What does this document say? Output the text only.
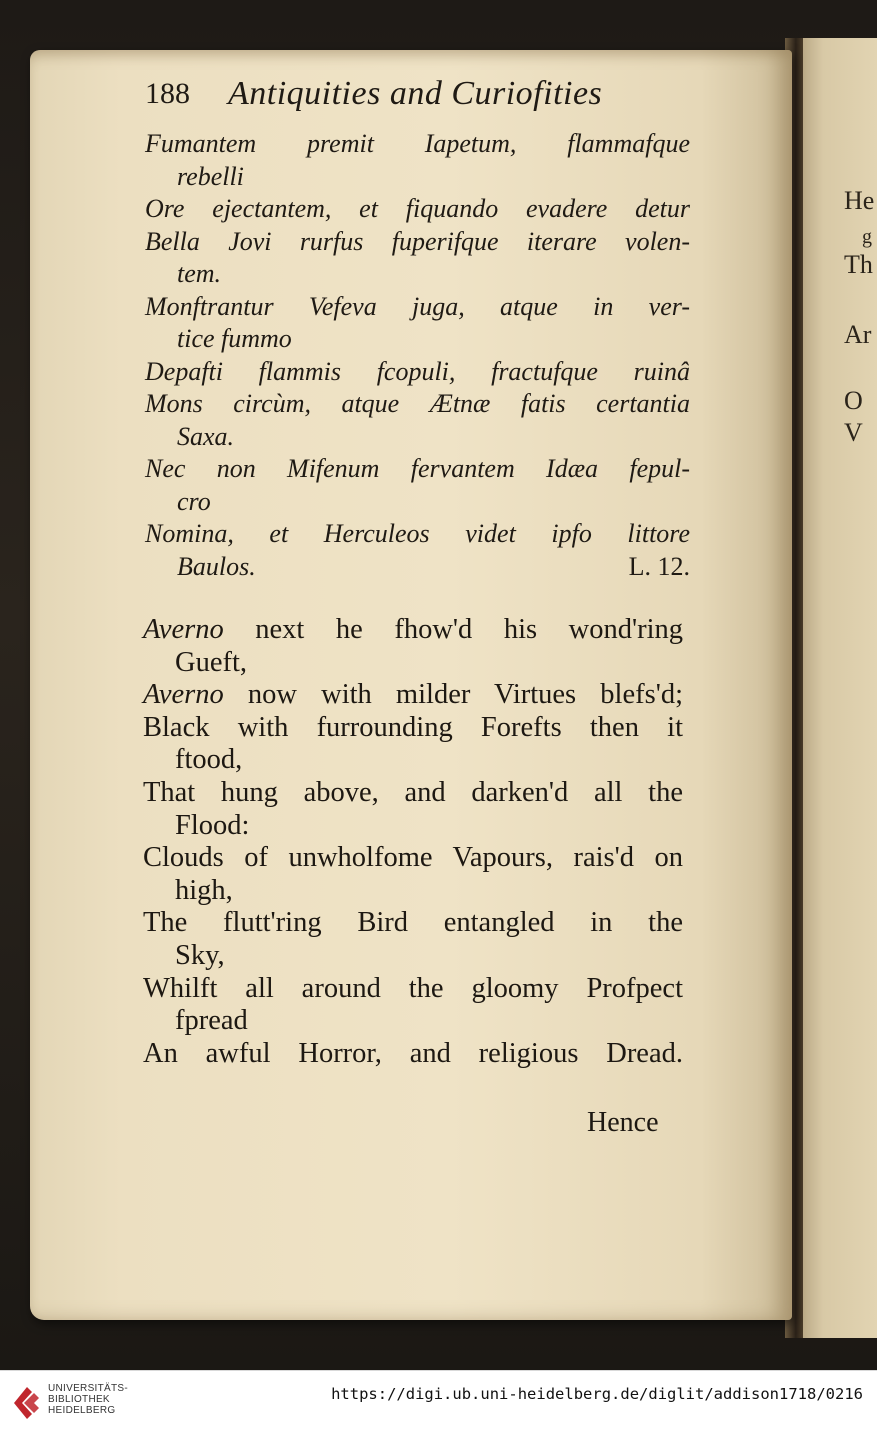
He
g
Th
Ar
O
V
188 Antiquities and Curiofities
Fumantem premit Iapetum, flammafque
rebelli
Ore ejectantem, et fiquando evadere detur
Bella Jovi rurfus fuperifque iterare volen-
tem.
Monftrantur Vefeva juga, atque in ver-
tice fummo
Depafti flammis fcopuli, fractufque ruinâ
Mons circùm, atque Ætnæ fatis certantia
Saxa.
Nec non Mifenum fervantem Idæa fepul-
cro
Nomina, et Herculeos videt ipfo littore
Baulos.	L. 12.
Averno next he fhow'd his wond'ring
Gueft,
Averno now with milder Virtues blefs'd;
Black with furrounding Forefts then it
ftood,
That hung above, and darken'd all the
Flood:
Clouds of unwholfome Vapours, rais'd on
high,
The flutt'ring Bird entangled in the
Sky,
Whilft all around the gloomy Profpect
fpread
An awful Horror, and religious Dread.
Hence
UNIVERSITÄTS-
BIBLIOTHEK
HEIDELBERG
https://digi.ub.uni-heidelberg.de/diglit/addison1718/0216
